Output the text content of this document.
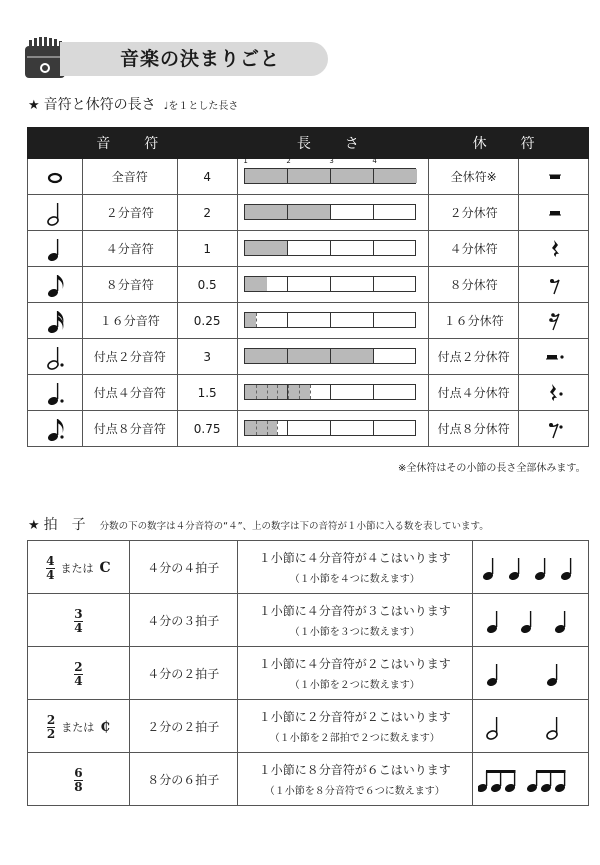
音楽の決まりごと
★ 音符と休符の長さ ♩を１とした長さ
音　符			長　さ	休　符	

	全音符	4	1 2 3 4	全休符※	

	２分音符	2		２分休符	

	４分音符	1		４分休符	

	８分音符	0.5		８分休符	

	１６分音符	0.25		１６分休符	

	付点２分音符	3		付点２分休符	

	付点４分音符	1.5		付点４分休符	

	付点８分音符	0.75		付点８分休符	
※全休符はその小節の長さ全部休みます。
★ 拍　子 分数の下の数字は４分音符の“４”、上の数字は下の音符が１小節に入る数を表しています。
$\frac{4}{4}$ または C	４分の４拍子	１小節に４分音符が４こはいります
（１小節を４つに数えます）

$\frac{3}{4}$	４分の３拍子	１小節に４分音符が３こはいります
（１小節を３つに数えます）

$\frac{2}{4}$	４分の２拍子	１小節に４分音符が２こはいります
（１小節を２つに数えます）

$\frac{2}{2}$ または ₵	２分の２拍子	１小節に２分音符が２こはいります
（１小節を２部拍で２つに数えます）

$\frac{6}{8}$	８分の６拍子	１小節に８分音符が６こはいります
（１小節を８分音符で６つに数えます）
